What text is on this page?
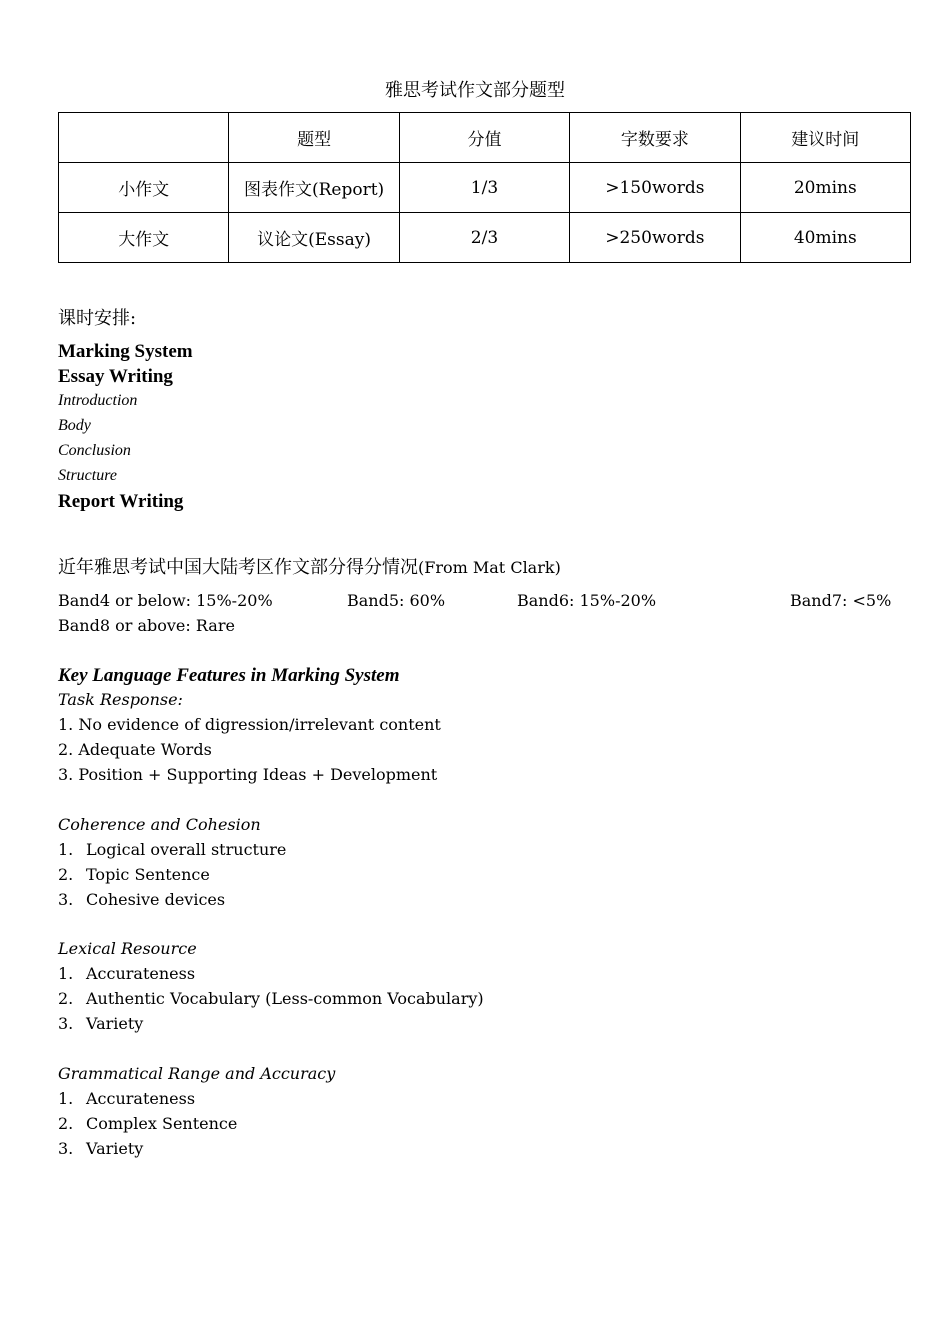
雅思考试作文部分题型
	题型	分值	字数要求	建议时间
小作文	图表作文(Report)	1/3	>150words	20mins
大作文	议论文(Essay)	2/3	>250words	40mins
课时安排:
Marking System
Essay Writing
Introduction
Body
Conclusion
Structure
Report Writing
近年雅思考试中国大陆考区作文部分得分情况(From Mat Clark)
Band4 or below: 15%-20%	Band5: 60%	Band6: 15%-20%	Band7: <5%
Band8 or above: Rare
Key Language Features in Marking System
Task Response:
1. No evidence of digression/irrelevant content
2. Adequate Words
3. Position + Supporting Ideas + Development
Coherence and Cohesion
1. Logical overall structure
2. Topic Sentence
3. Cohesive devices
Lexical Resource
1. Accurateness
2. Authentic Vocabulary (Less-common Vocabulary)
3. Variety
Grammatical Range and Accuracy
1. Accurateness
2. Complex Sentence
3. Variety
